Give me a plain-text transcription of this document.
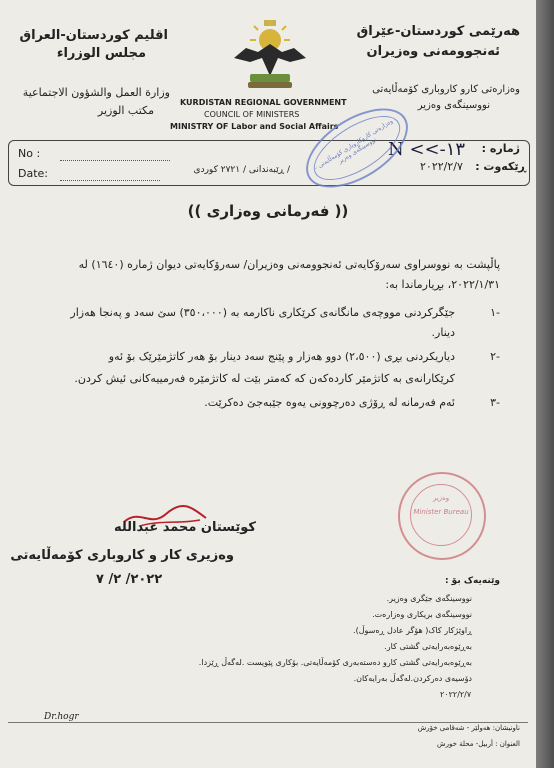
اقليم كوردستان-العراق
مجلس الوزراء
وزارة العمل والشؤون الاجتماعية
مكتب الوزير
هەرێمی کوردستان-عێراق
ئەنجوومەنی وەزیران
وەزارەتی کارو کاروباری کۆمەڵایەتی
نووسینگەی وەزیر
KURDISTAN REGIONAL GOVERNMENT
COUNCIL OF MINISTERS
MINISTRY OF Labor and Social Affairs
No :
Date:	/ ڕێبەندانی / ٢٧٢١ کوردی
ژمارە :
N <<-١٣
ڕێکەوت :
٢٠٢٢/٢/٧
وەزارەتی کاروکاروباری کۆمەڵایەتی - نووسینگەی وەزیر
(( فەرمانی وەزاری ))
پاڵپشت بە نووسراوی سەرۆکایەتی ئەنجوومەنی وەزیران/ سەرۆکایەتی دیوان ژمارە (١٦٤٠) لە
٢٠٢٢/١/٣١، بڕیارماندا بە:
-١
جێگرکردنی مووچەی مانگانەی کرێکاری ناکارمە بە (٣٥٠،٠٠٠) سێ سەد و پەنجا هەزار
دینار.
-٢
دیاریکردنی بڕی (٢،٥٠٠) دوو هەزار و پێنج سەد دینار بۆ هەر کاتژمێرێک بۆ ئەو
کرێکارانەی بە کاتژمێر کاردەکەن کە کەمتر بێت لە کاتژمێرە فەرمییەکانی ئیش کردن.
-٣
ئەم فەرمانە لە ڕۆژی دەرچوونی یەوە جێبەجێ دەکرێت.
Minister Bureau
وەزیر
کوێستان محمد عبدالله
وەزیری کار و کاروباری کۆمەڵایەتی
٢٠٢٢/ ٢/ ٧	وێنەیەک بۆ :
نووسینگەی جێگری وەزیر.
نووسینگەی بریکاری وەزارەت.
ڕاوێژکار کاک( هۆگر عادل ڕەسوڵ).
بەڕێوەبەرایەتی گشتی کار.
بەڕێوەبەرایەتی گشتی کارو دەستەبەری کۆمەڵایەتی. بۆکاری پێویست .لەگەڵ ڕێزدا.
دۆسیەی دەرکردن.لەگەڵ بەرایەکان.
٢٠٢٢/٢/٧
Dr.hogr
ناونیشان: هەولێر - شەقامی خۆرش
العنوان : أربيل- محلة خورش
